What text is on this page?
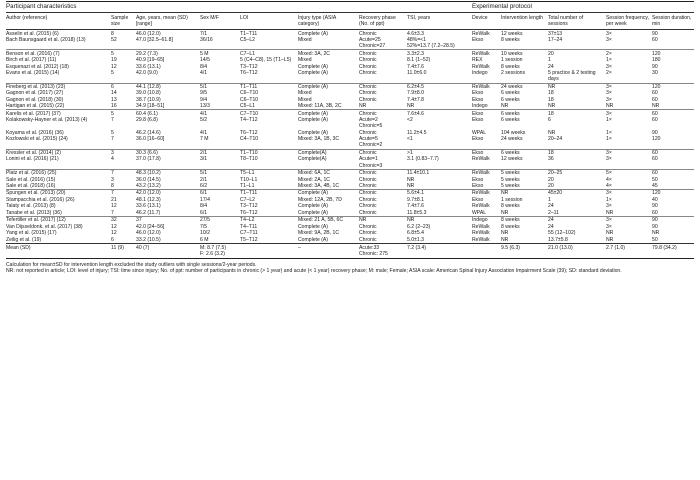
Participant characteristics								Experimental protocol				
Author (reference)	Sample size	Age, years, mean (SD) [range]	Sex M/F	LOI	Injury type (ASIA category)	Recovery phase (No. of ppt)	TSI, years	Device	Intervention length	Total number of sessions	Session frequency, per week	Session duration, min
Asselin et al. (2015) (6)	8	46.0 (12.0)	7/1	T1–T11	Complete (A)	Chronic	4.6±3.3	ReWalk	12 weeks	37±13	3×	90
Bach Baunsgaard et al. (2018) (13)	52	47.0 [32.5–61.8]	36/16	C5–L2	Mixed	Acute=25
Chronic=27	48%=<1
52%=13.7 (7.2–28.5)	Ekso	8 weeks	17–24	3×	60
Benson et al. (2016) (7)	5	29.2 (7.3)	5 M	C7–L1	Mixed: 3A, 2C	Chronic	3.3±2.3	ReWalk	10 weeks	20	2×	120
Birch et al. (2017) (11)	19	40.9 [19–65]	14/5	5 (C4–C8), 15 (T1–L5)	Mixed	Chronic	8.1 (1–52)	REX	1 session	1	1×	180
Esquenazi et al. (2012) (18)	12	33.6 (13.1)	8/4	T3–T12	Complete (A)	Chronic	7.4±7.6	ReWalk	8 weeks	24	3×	90
Evans et al. (2015) (14)	5	42.0 (9.0)	4/1	T6–T12	Complete (A)	Chronic	11.0±6.0	Indego	2 sessions	5 practice & 2 testing days	2×	30
Fineberg et al. (2013) (23)	6	44.1 (12.8)	5/1	T1–T11	Complete (A)	Chronic	6.2±4.5	ReWalk	24 weeks	NR	3×	120
Gagnon et al. (2017) (27)	14	39.0 (10.8)	9/5	C6–T10	Mixed	Chronic	7.9±8.0	Ekso	6 weeks	18	3×	60
Gagnon et al. (2018) (30)	13	38.7 (10.9)	9/4	C6–T10	Mixed	Chronic	7.4±7.8	Ekso	6 weeks	18	3×	60
Hartigan et al. (2015) (22)	16	34.9 [18–51]	13/3	C5–L1	Mixed: 11A, 3B, 2C	NR	NR	Indego	NR	NR	NR	NR
Karelis et al. (2017) (37)	5	60.4 (6.1)	4/1	C7–T10	Complete (A)	Chronic	7.6±4.6	Ekso	6 weeks	18	3×	60
Kolakowsky-Hayner et al. (2013) (4)	7	29.8 (6.8)	5/2	T4–T12	Complete (A)	Acute=2
Chronic=5	<2	Ekso	6 weeks	6	1×	60
Koyama et al. (2016) (36)	5	46.2 (14.6)	4/1	T6–T12	Complete (A)	Chronic	11.2±4.5	WPAL	104 weeks	NR	1×	90
Kozlowski et al. (2015) (24)	7	36.0 [16–60]	7 M	C4–T10	Mixed: 3A, 1B, 3C	Acute=5
Chronic=2	<1	Ekso	24 weeks	20–24	1×	120
Kressler et al. (2014) (2)	3	30.3 (6.6)	2/1	T1–T10	Complete(A)	Chronic	>1	Ekso	6 weeks	18	3×	60
Lonini et al. (2016) (21)	4	37.0 (17.8)	3/1	T8–T10	Complete(A)	Acute=1
Chronic=3	3.1 (0.83–7.7)	ReWalk	12 weeks	36	3×	60
Platz et al. (2016) (25)	7	48.3 (10.2)	5/1	T5–L1	Mixed: 6A, 1C	Chronic	11.4±10.1	ReWalk	5 weeks	20–25	5×	60
Sale et al. (2016) (15)	3	36.0 (14.5)	2/1	T10–L1	Mixed: 2A, 1C	Chronic	NR	Ekso	5 weeks	20	4×	50
Sale et al. (2018) (16)	8	43.2 (13.2)	6/2	T1–L1	Mixed: 3A, 4B, 1C	Chronic	NR	Ekso	5 weeks	20	4×	45
Spungen et al. (2013) (20)	7	42.0 (12.0)	6/1	T1–T11	Complete (A)	Chronic	5.6±4.1	ReWalk	NR	45±20	3×	120
Stampacchia et al. (2016) (26)	21	48.1 (12.3)	17/4	C7–L2	Mixed: 12A, 2B, 7D	Chronic	9.7±8.1	Ekso	1 session	1	1×	40
Talaty et al. (2013) (8)	12	33.6 (13.1)	8/4	T3–T12	Complete (A)	Chronic	7.4±7.6	ReWalk	8 weeks	24	3×	90
Tanabe et al. (2013) (36)	7	46.2 (11.7)	6/1	T6–T12	Complete (A)	Chronic	11.8±5.3	WPAL	NR	2–11	NR	60
Tefertiller et al. (2017) (12)	32	37	27/5	T4–L2	Mixed: 21 A, 5B, 6C	NR	NR	Indego	8 weeks	24	3×	90
Van Dijsseldonk. et al. (2017) (38)	12	42.0 [24–56]	7/5	T4–T11	Complete (A)	Chronic	6.2 (2–23)	ReWalk	8 weeks	24	3×	90
Yang et al. (2015) (17)	12	46.0 (12.0)	10/2	C7–T11	Mixed: 9A, 2B, 1C	Chronic	6.8±5.4	ReWalk	NR	55 (12–102)	NR	NR
Zeilig et al. (19)	6	33.2 (10.5)	6 M	T5–T12	Complete (A)	Chronic	5.0±1.3	ReWalk	NR	13.7±5.8	NR	50
Mean (SD)	11 (9)	40 (7)	M: 8.7 (7.5)
F: 2.6 (3.2)		–	Acute:33
Chronic: 275	7.2 (3.4)		9.5 (6.3)	21.0 (13.0)	2.7 (1.0)	79.8 (34.2)
Calculation for mean±SD for intervention length excluded the study outliers with single sessions/2-year periods.
NR: not reported in article; LOI: level of injury; TSI: time since injury; No. of ppt: number of participants in chronic (> 1 year) and acute (< 1 year) recovery phase; M: male; Female; ASIA scale: American Spinal Injury Association Impairment Scale (39); SD: standard deviation.
